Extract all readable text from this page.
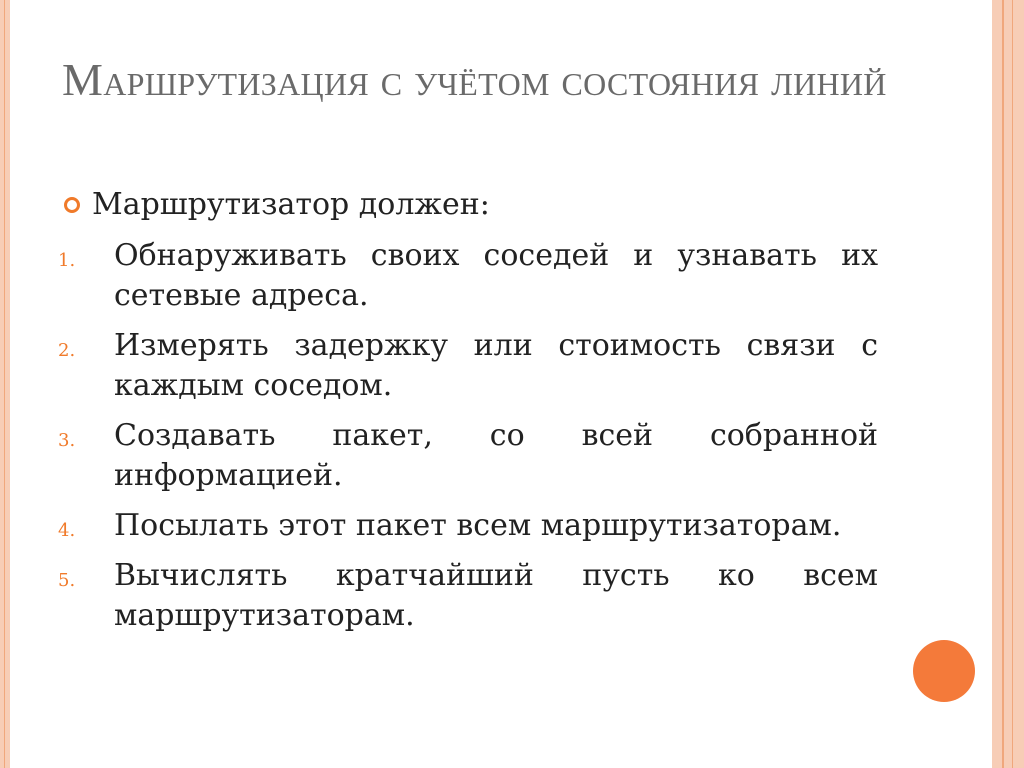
Маршрутизация с учётом состояния линий
Маршрутизатор должен:
1. Обнаруживать своих соседей и узнавать их сетевые адреса.
2. Измерять задержку или стоимость связи с каждым соседом.
3. Создавать пакет, со всей собранной информацией.
4. Посылать этот пакет всем маршрутизаторам.
5. Вычислять кратчайший пусть ко всем маршрутизаторам.
